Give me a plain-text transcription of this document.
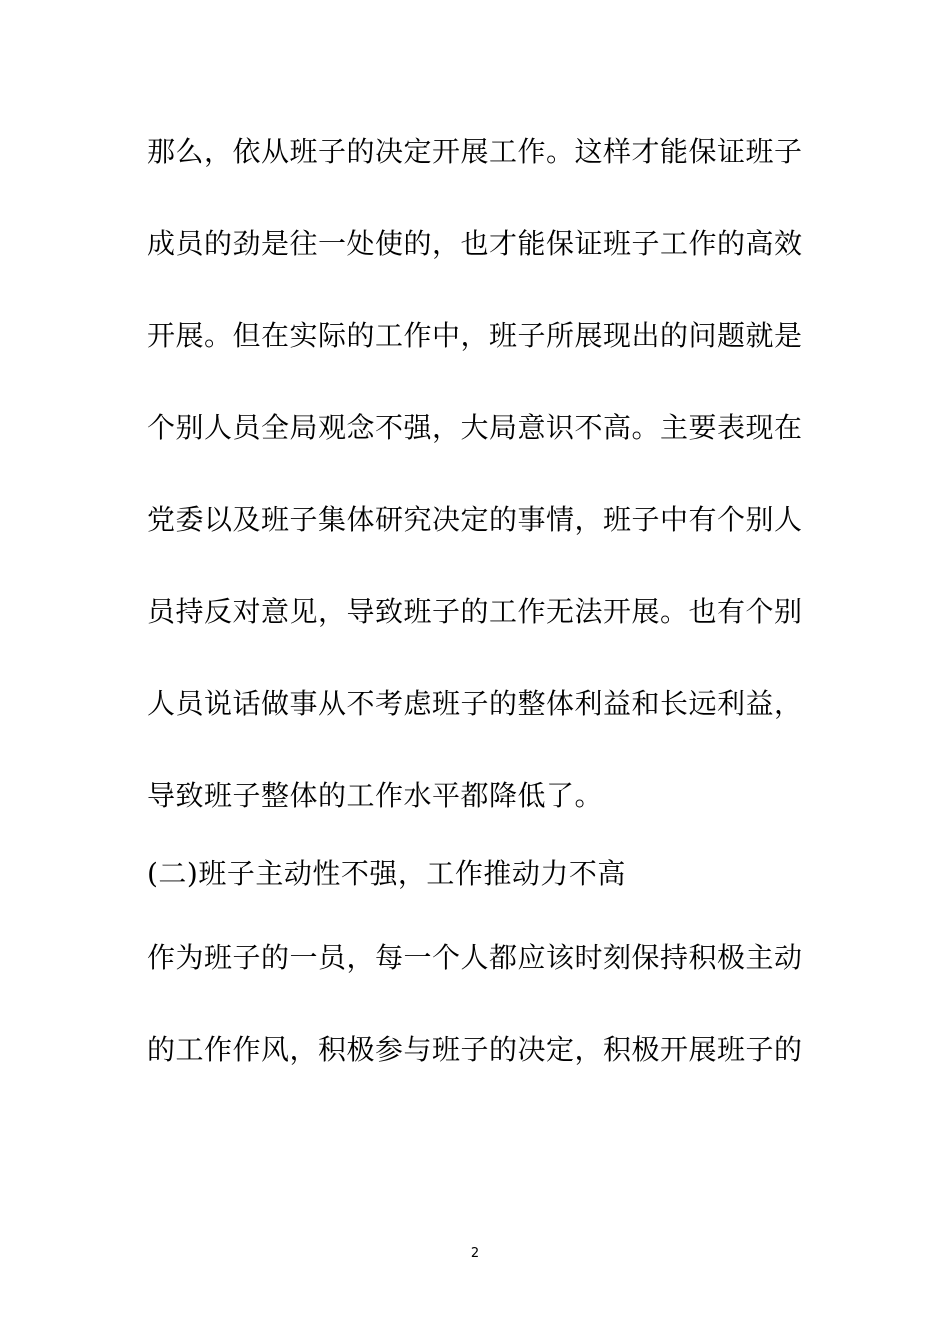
那么，依从班子的决定开展工作。这样才能保证班子
成员的劲是往一处使的，也才能保证班子工作的高效
开展。但在实际的工作中，班子所展现出的问题就是
个别人员全局观念不强，大局意识不高。主要表现在
党委以及班子集体研究决定的事情，班子中有个别人
员持反对意见，导致班子的工作无法开展。也有个别
人员说话做事从不考虑班子的整体利益和长远利益，
导致班子整体的工作水平都降低了。
(二)班子主动性不强，工作推动力不高
作为班子的一员，每一个人都应该时刻保持积极主动
的工作作风，积极参与班子的决定，积极开展班子的
2
